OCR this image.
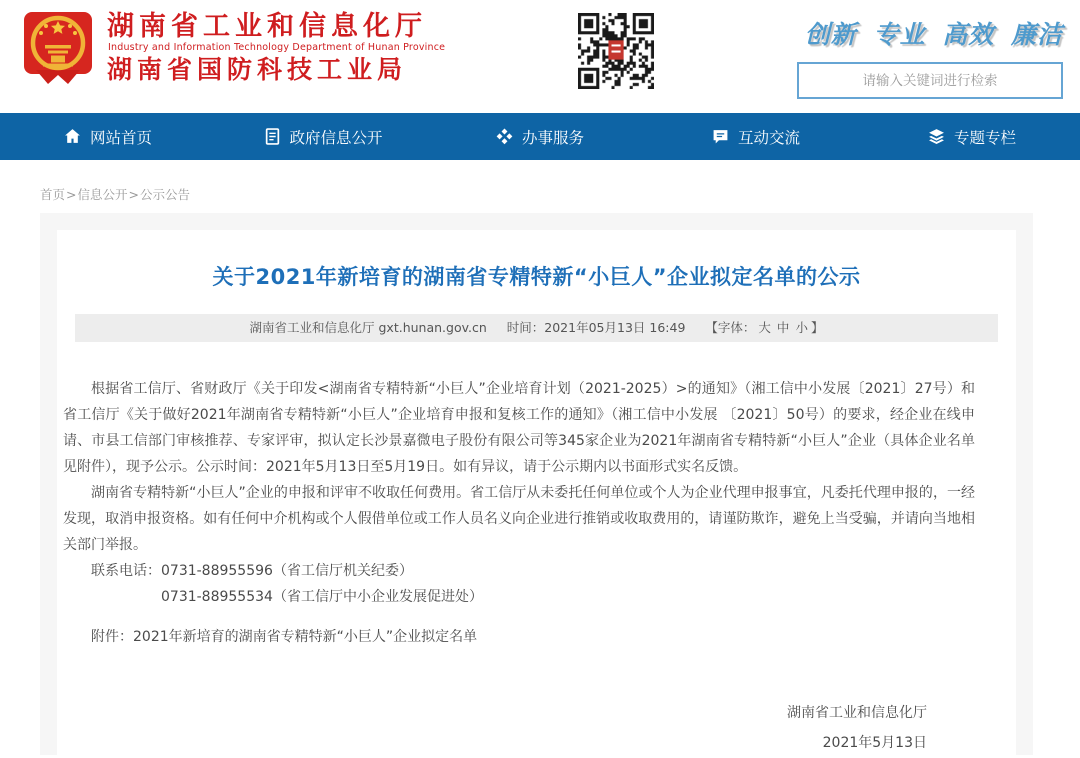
湖南省工业和信息化厅
Industry and Information Technology Department of Hunan Province
湖南省国防科技工业局
创新 专业 高效 廉洁
请输入关键词进行检索
网站首页	政府信息公开	办事服务	互动交流	专题专栏
首页>信息公开>公示公告
关于2021年新培育的湖南省专精特新“小巨人”企业拟定名单的公示
湖南省工业和信息化厅 gxt.hunan.gov.cn 时间：2021年05月13日 16:49 【字体： 大 中 小 】

根据省工信厅、省财政厅《关于印发<湖南省专精特新“小巨人”企业培育计划（2021-2025）>的通知》（湘工信中小发展〔2021〕27号）和省工信厅《关于做好2021年湖南省专精特新“小巨人”企业培育申报和复核工作的通知》（湘工信中小发展 〔2021〕50号）的要求，经企业在线申请、市县工信部门审核推荐、专家评审，拟认定长沙景嘉微电子股份有限公司等345家企业为2021年湖南省专精特新“小巨人”企业（具体企业名单见附件），现予公示。公示时间：2021年5月13日至5月19日。如有异议，请于公示期内以书面形式实名反馈。

湖南省专精特新“小巨人”企业的申报和评审不收取任何费用。省工信厅从未委托任何单位或个人为企业代理申报事宜，凡委托代理申报的，一经发现，取消申报资格。如有任何中介机构或个人假借单位或工作人员名义向企业进行推销或收取费用的，请谨防欺诈，避免上当受骗，并请向当地相关部门举报。

联系电话：0731-88955596（省工信厅机关纪委）

0731-88955534（省工信厅中小企业发展促进处）

附件：2021年新培育的湖南省专精特新“小巨人”企业拟定名单

湖南省工业和信息化厅
2021年5月13日
